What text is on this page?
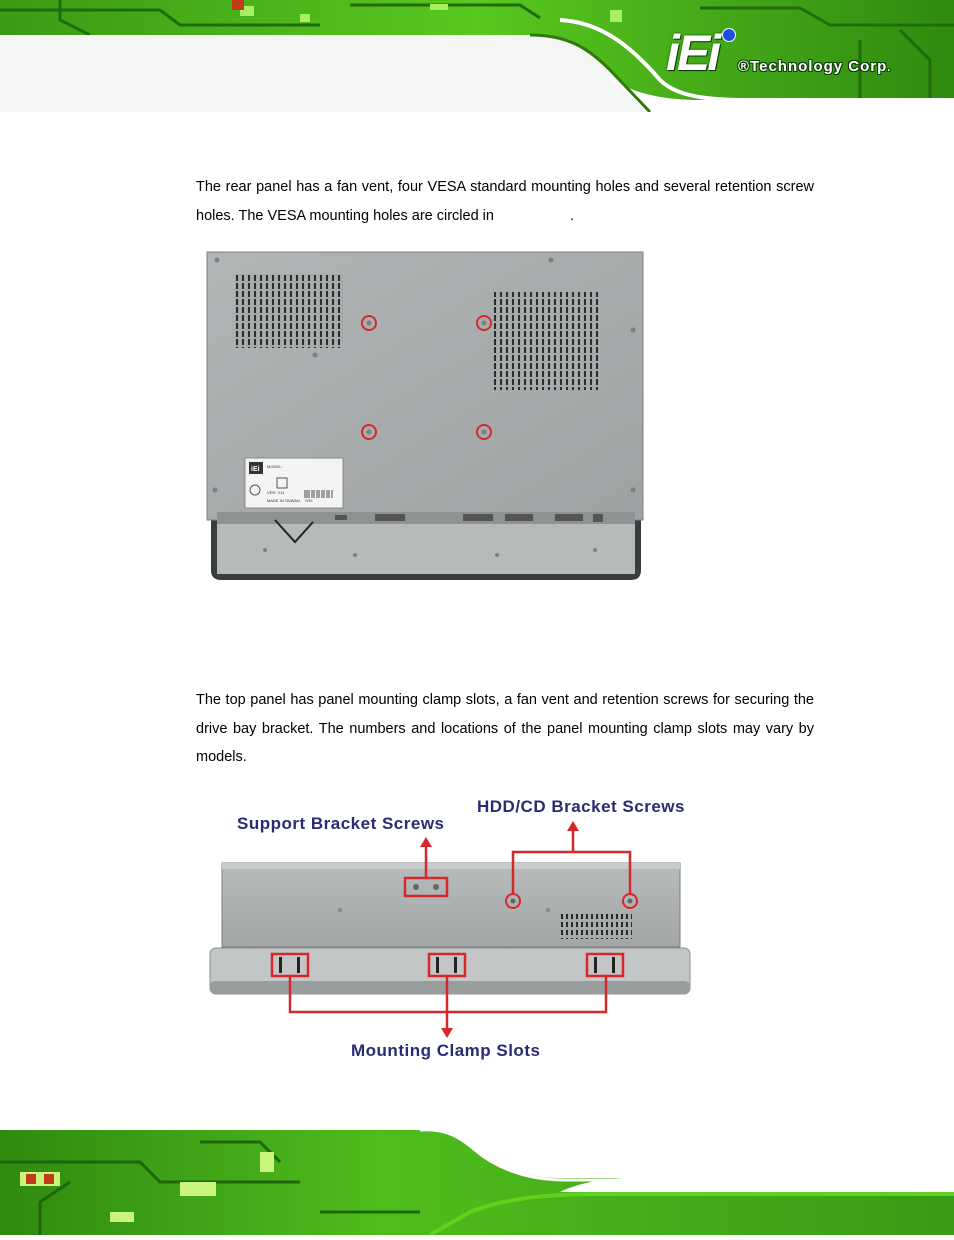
iEi ®Technology Corp.

The rear panel has a fan vent, four VESA standard mounting holes and several retention screw holes. The VESA mounting holes are circled in	.

iEi MODEL:
VER: V11
MADE IN TAIWAN S/N:

The top panel has panel mounting clamp slots, a fan vent and retention screws for securing the drive bay bracket. The numbers and locations of the panel mounting clamp slots may vary by models.

Support Bracket Screws
HDD/CD Bracket Screws
Mounting Clamp Slots
